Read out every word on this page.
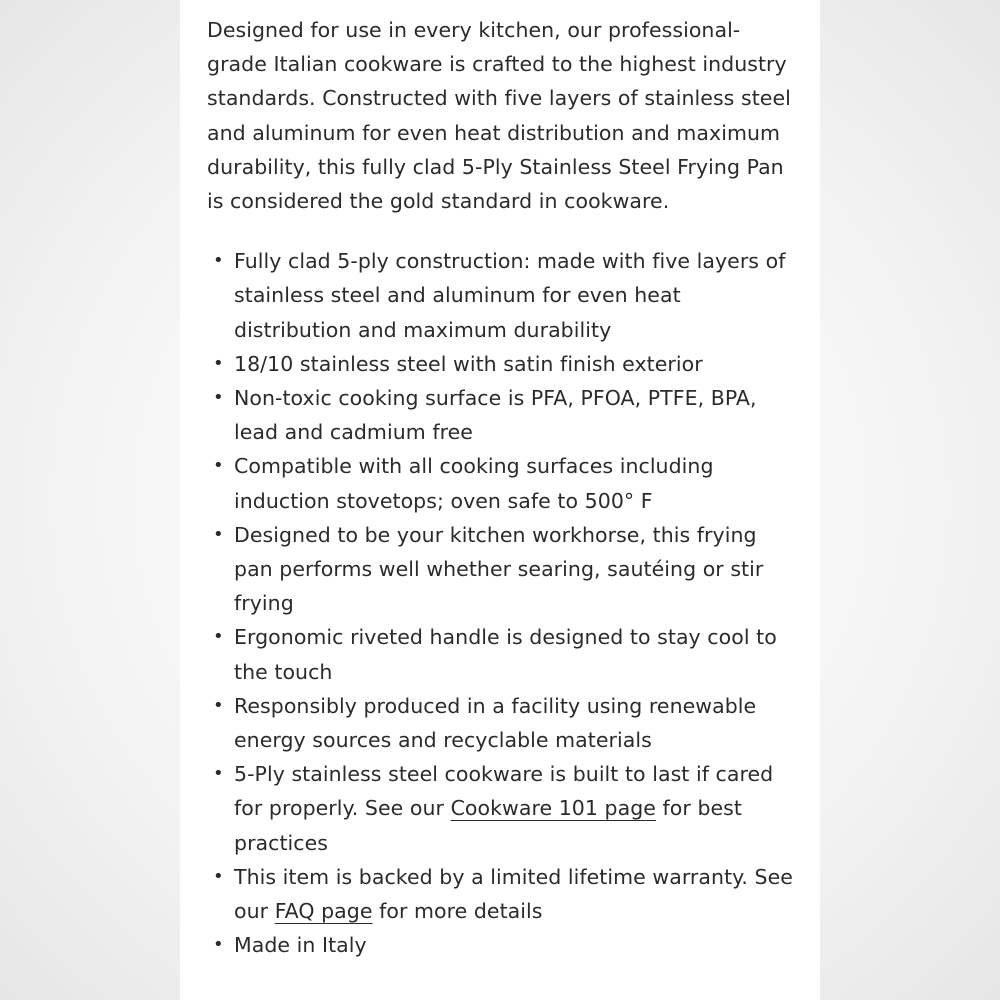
Designed for use in every kitchen, our professional-grade Italian cookware is crafted to the highest industry standards. Constructed with five layers of stainless steel and aluminum for even heat distribution and maximum durability, this fully clad 5-Ply Stainless Steel Frying Pan is considered the gold standard in cookware.

• Fully clad 5-ply construction: made with five layers of stainless steel and aluminum for even heat distribution and maximum durability
• 18/10 stainless steel with satin finish exterior
• Non-toxic cooking surface is PFA, PFOA, PTFE, BPA, lead and cadmium free
• Compatible with all cooking surfaces including induction stovetops; oven safe to 500° F
• Designed to be your kitchen workhorse, this frying pan performs well whether searing, sautéing or stir frying
• Ergonomic riveted handle is designed to stay cool to the touch
• Responsibly produced in a facility using renewable energy sources and recyclable materials
• 5-Ply stainless steel cookware is built to last if cared for properly. See our Cookware 101 page for best practices
• This item is backed by a limited lifetime warranty. See our FAQ page for more details
• Made in Italy
